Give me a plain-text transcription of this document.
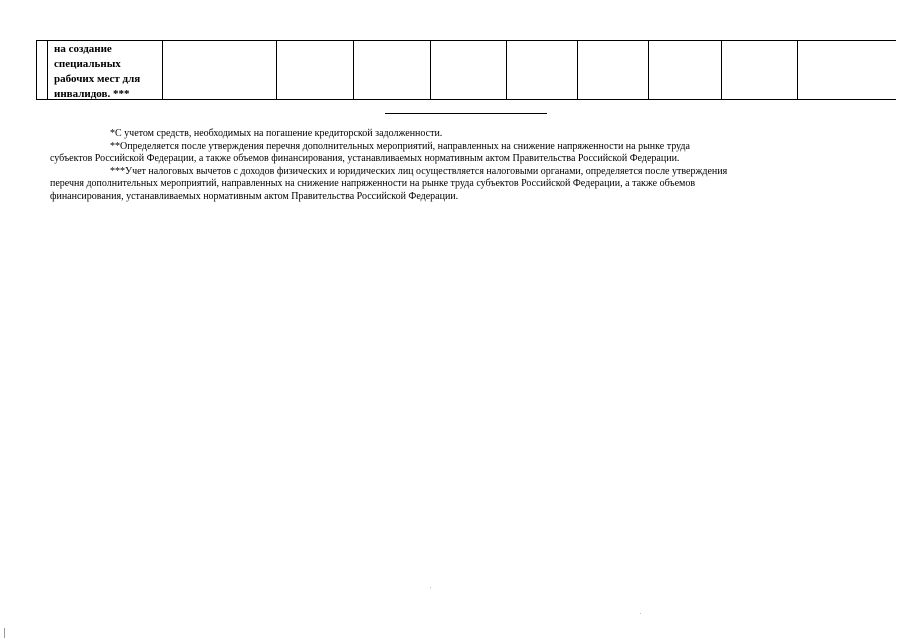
на создание
специальных
рабочих мест для
инвалидов. ***
*С учетом средств, необходимых на погашение кредиторской задолженности.
**Определяется после утверждения перечня дополнительных мероприятий, направленных на снижение напряженности на рынке труда
субъектов Российской Федерации, а также объемов финансирования, устанавливаемых нормативным актом Правительства Российской Федерации.
***Учет налоговых вычетов с доходов физических и юридических лиц осуществляется налоговыми органами, определяется после утверждения
перечня дополнительных мероприятий, направленных на снижение напряженности на рынке труда субъектов Российской Федерации, а также объемов
финансирования, устанавливаемых нормативным актом Правительства Российской Федерации.
